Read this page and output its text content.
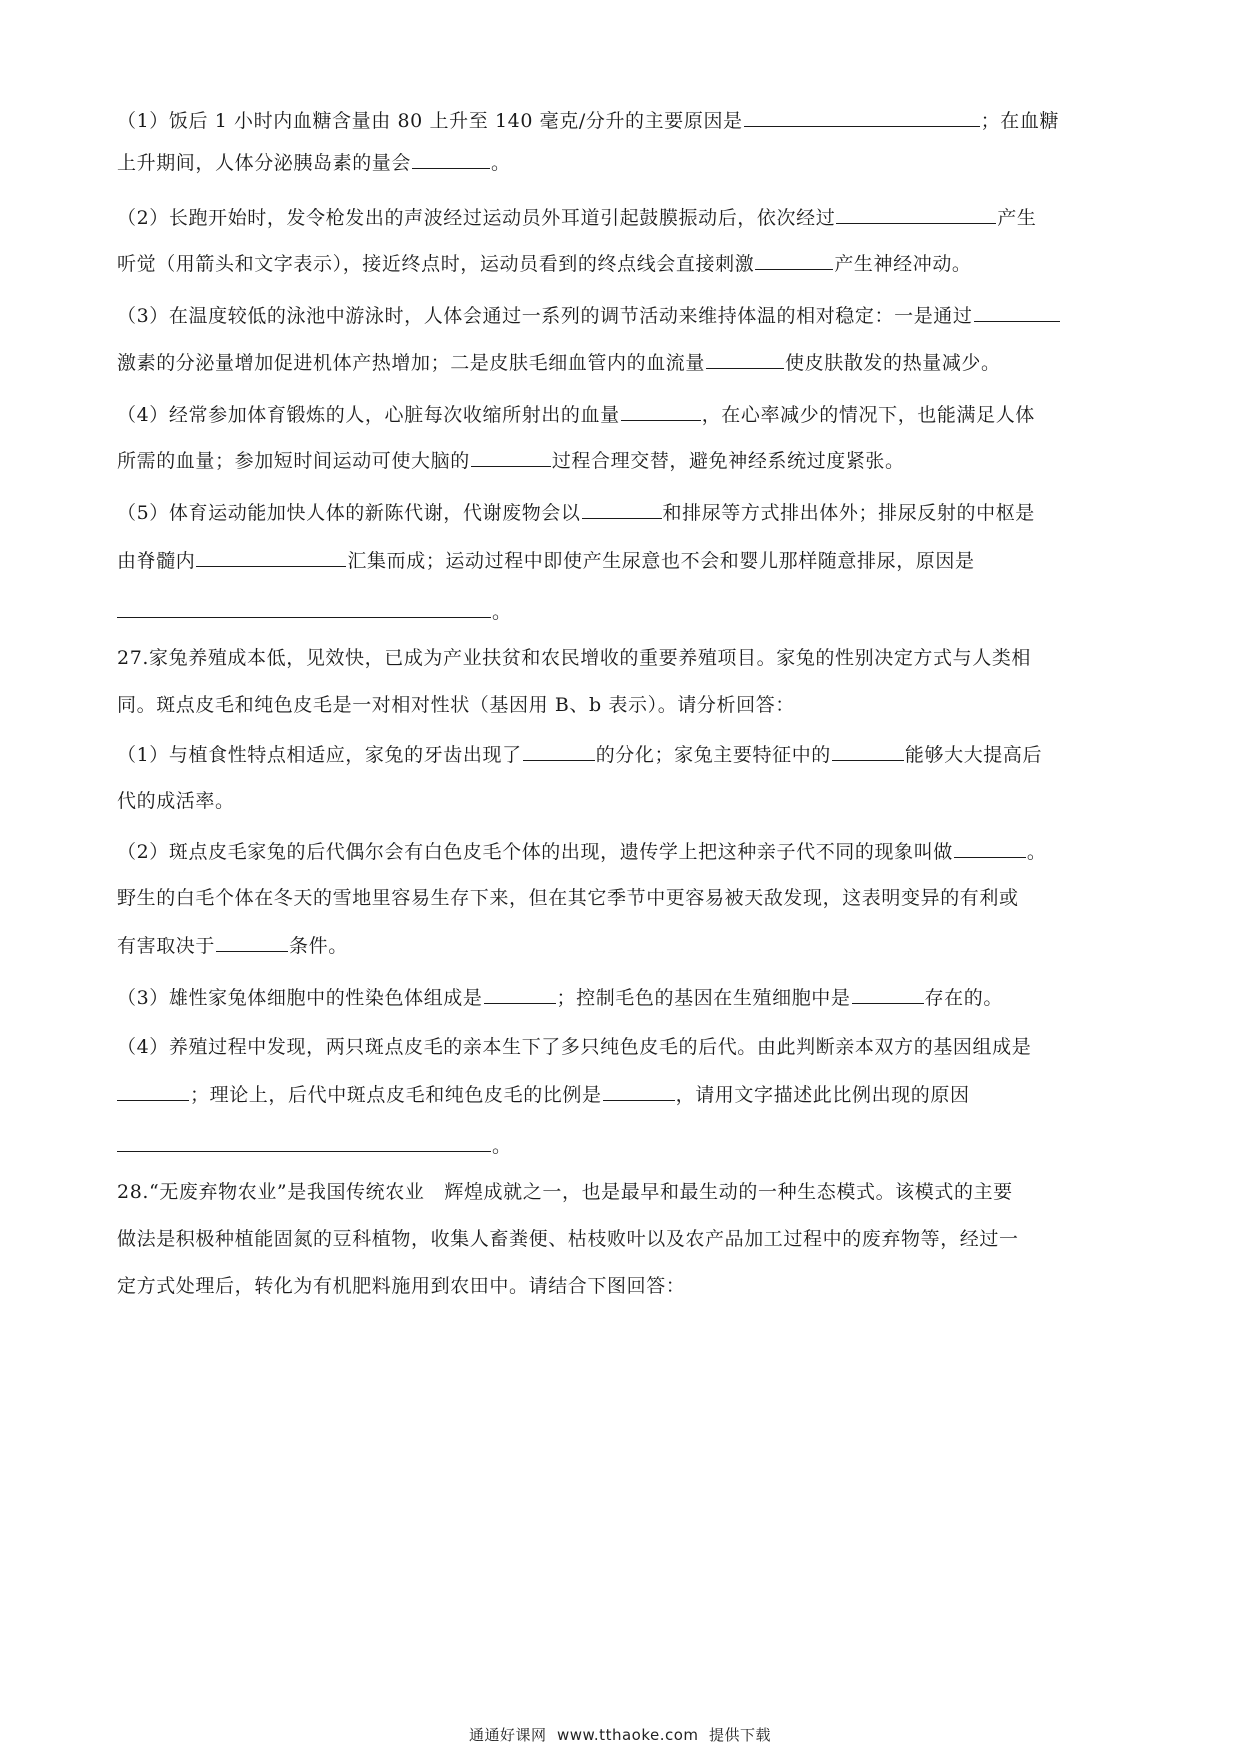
（1）饭后 1 小时内血糖含量由 80 上升至 140 毫克/分升的主要原因是	；在血糖
上升期间，人体分泌胰岛素的量会	。
（2）长跑开始时，发令枪发出的声波经过运动员外耳道引起鼓膜振动后，依次经过	产生
听觉（用箭头和文字表示），接近终点时，运动员看到的终点线会直接刺激	产生神经冲动。
（3）在温度较低的泳池中游泳时，人体会通过一系列的调节活动来维持体温的相对稳定：一是通过
激素的分泌量增加促进机体产热增加；二是皮肤毛细血管内的血流量	使皮肤散发的热量减少。
（4）经常参加体育锻炼的人，心脏每次收缩所射出的血量	，在心率减少的情况下，也能满足人体
所需的血量；参加短时间运动可使大脑的	过程合理交替，避免神经系统过度紧张。
（5）体育运动能加快人体的新陈代谢，代谢废物会以	和排尿等方式排出体外；排尿反射的中枢是
由脊髓内	汇集而成；运动过程中即使产生尿意也不会和婴儿那样随意排尿，原因是
。
27.家兔养殖成本低，见效快，已成为产业扶贫和农民增收的重要养殖项目。家兔的性别决定方式与人类相
同。斑点皮毛和纯色皮毛是一对相对性状（基因用 B、b 表示）。请分析回答：
（1）与植食性特点相适应，家兔的牙齿出现了	的分化；家兔主要特征中的	能够大大提高后
代的成活率。
（2）斑点皮毛家兔的后代偶尔会有白色皮毛个体的出现，遗传学上把这种亲子代不同的现象叫做	。
野生的白毛个体在冬天的雪地里容易生存下来，但在其它季节中更容易被天敌发现，这表明变异的有利或
有害取决于	条件。
（3）雄性家兔体细胞中的性染色体组成是	；控制毛色的基因在生殖细胞中是	存在的。
（4）养殖过程中发现，两只斑点皮毛的亲本生下了多只纯色皮毛的后代。由此判断亲本双方的基因组成是
；理论上，后代中斑点皮毛和纯色皮毛的比例是	，请用文字描述此比例出现的原因
。
28.“无废弃物农业”是我国传统农业   辉煌成就之一，也是最早和最生动的一种生态模式。该模式的主要
做法是积极种植能固氮的豆科植物，收集人畜粪便、枯枝败叶以及农产品加工过程中的废弃物等，经过一
定方式处理后，转化为有机肥料施用到农田中。请结合下图回答：
通通好课网  www.tthaoke.com  提供下载
